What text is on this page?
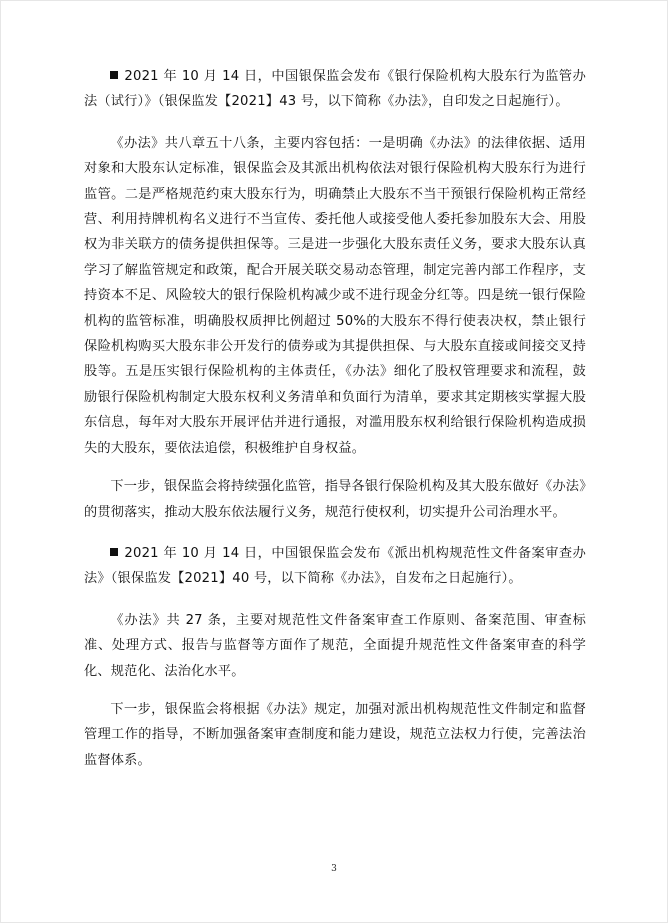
2021 年 10 月 14 日，中国银保监会发布《银行保险机构大股东行为监管办法（试行）》（银保监发【2021】43 号，以下简称《办法》，自印发之日起施行）。

《办法》共八章五十八条，主要内容包括：一是明确《办法》的法律依据、适用对象和大股东认定标准，银保监会及其派出机构依法对银行保险机构大股东行为进行监管。二是严格规范约束大股东行为，明确禁止大股东不当干预银行保险机构正常经营、利用持牌机构名义进行不当宣传、委托他人或接受他人委托参加股东大会、用股权为非关联方的债务提供担保等。三是进一步强化大股东责任义务，要求大股东认真学习了解监管规定和政策，配合开展关联交易动态管理，制定完善内部工作程序，支持资本不足、风险较大的银行保险机构减少或不进行现金分红等。四是统一银行保险机构的监管标准，明确股权质押比例超过 50%的大股东不得行使表决权，禁止银行保险机构购买大股东非公开发行的债券或为其提供担保、与大股东直接或间接交叉持股等。五是压实银行保险机构的主体责任，《办法》细化了股权管理要求和流程，鼓励银行保险机构制定大股东权利义务清单和负面行为清单，要求其定期核实掌握大股东信息，每年对大股东开展评估并进行通报，对滥用股东权利给银行保险机构造成损失的大股东，要依法追偿，积极维护自身权益。

下一步，银保监会将持续强化监管，指导各银行保险机构及其大股东做好《办法》的贯彻落实，推动大股东依法履行义务，规范行使权利，切实提升公司治理水平。

2021 年 10 月 14 日，中国银保监会发布《派出机构规范性文件备案审查办法》（银保监发【2021】40 号，以下简称《办法》，自发布之日起施行）。

《办法》共 27 条，主要对规范性文件备案审查工作原则、备案范围、审查标准、处理方式、报告与监督等方面作了规范，全面提升规范性文件备案审查的科学化、规范化、法治化水平。

下一步，银保监会将根据《办法》规定，加强对派出机构规范性文件制定和监督管理工作的指导，不断加强备案审查制度和能力建设，规范立法权力行使，完善法治监督体系。

3
